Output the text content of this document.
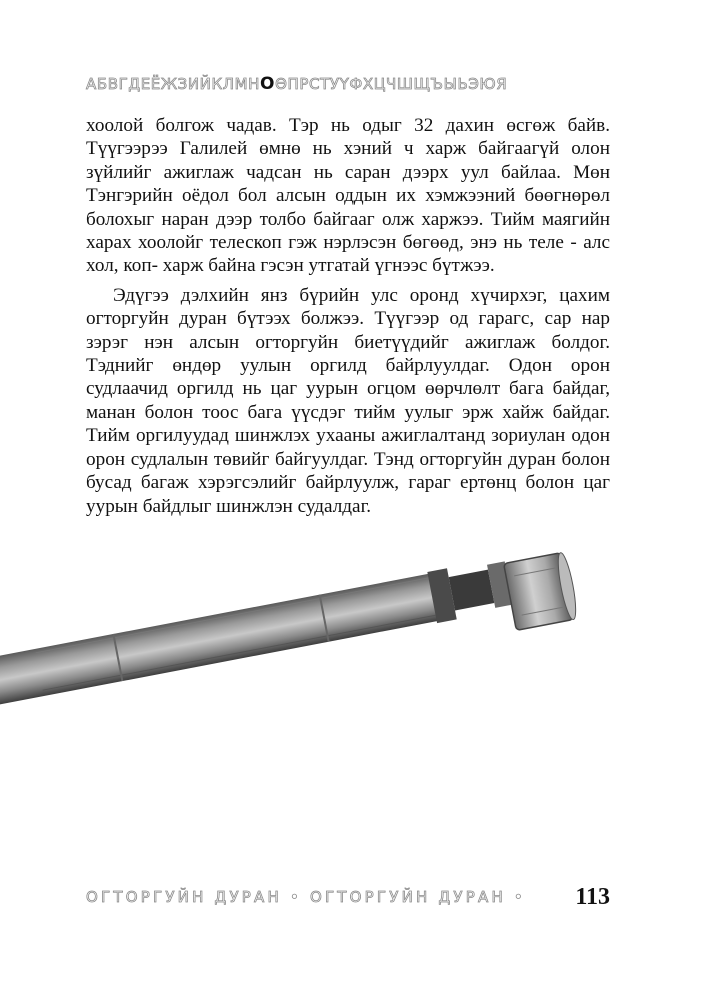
АБВГДЕЁЖЗИЙКЛМНОӨПРСТУҮФХЦЧШЩЪЫЬЭЮЯ

хоолой болгож чадав. Тэр нь одыг 32 дахин өсгөж байв. Түүгээрээ Галилей өмнө нь хэний ч харж байгаагүй олон зүйлийг ажиглаж чадсан нь саран дээрх уул байлаа. Мөн Тэнгэрийн оёдол бол алсын оддын их хэмжээний бөөгнөрөл болохыг наран дээр толбо байгааг олж харжээ. Тийм маягийн харах хоолойг телескоп гэж нэрлэсэн бөгөөд, энэ нь теле - алс хол, коп- харж байна гэсэн утгатай үгнээс бүтжээ.

Эдүгээ дэлхийн янз бүрийн улс оронд хүчирхэг, цахим огторгуйн дуран бүтээх болжээ. Түүгээр од гарагс, сар нар зэрэг нэн алсын огторгуйн биетүүдийг ажиглаж болдог. Тэднийг өндөр уулын оргилд байрлуулдаг. Одон орон судлаачид оргилд нь цаг уурын огцом өөрчлөлт бага байдаг, манан болон тоос бага үүсдэг тийм уулыг эрж хайж байдаг. Тийм оргилуудад шинжлэх ухааны ажиглалтанд зориулан одон орон судлалын төвийг байгуулдаг. Тэнд огторгуйн дуран болон бусад багаж хэрэгсэлийг байрлуулж, гараг ертөнц болон цаг уурын байдлыг шинжлэн судалдаг.

ОГТОРГУЙН ДУРАН • ОГТОРГУЙН ДУРАН • 113
